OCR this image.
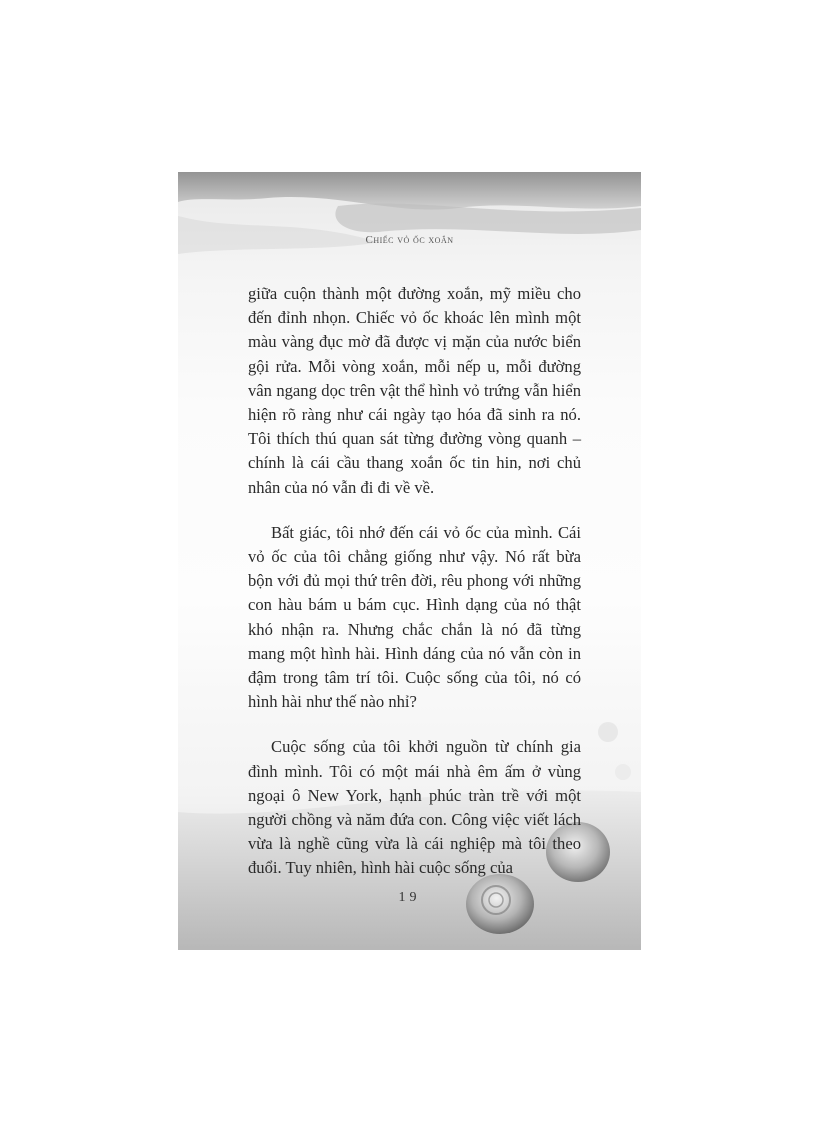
Chiếc vỏ ốc xoắn

giữa cuộn thành một đường xoắn, mỹ miều cho đến đỉnh nhọn. Chiếc vỏ ốc khoác lên mình một màu vàng đục mờ đã được vị mặn của nước biển gội rửa. Mỗi vòng xoắn, mỗi nếp u, mỗi đường vân ngang dọc trên vật thể hình vỏ trứng vẫn hiển hiện rõ ràng như cái ngày tạo hóa đã sinh ra nó. Tôi thích thú quan sát từng đường vòng quanh – chính là cái cầu thang xoắn ốc tin hin, nơi chủ nhân của nó vẫn đi đi về về.

Bất giác, tôi nhớ đến cái vỏ ốc của mình. Cái vỏ ốc của tôi chẳng giống như vậy. Nó rất bừa bộn với đủ mọi thứ trên đời, rêu phong với những con hàu bám u bám cục. Hình dạng của nó thật khó nhận ra. Nhưng chắc chắn là nó đã từng mang một hình hài. Hình dáng của nó vẫn còn in đậm trong tâm trí tôi. Cuộc sống của tôi, nó có hình hài như thế nào nhỉ?

Cuộc sống của tôi khởi nguồn từ chính gia đình mình. Tôi có một mái nhà êm ấm ở vùng ngoại ô New York, hạnh phúc tràn trề với một người chồng và năm đứa con. Công việc viết lách vừa là nghề cũng vừa là cái nghiệp mà tôi theo đuổi. Tuy nhiên, hình hài cuộc sống của

19
